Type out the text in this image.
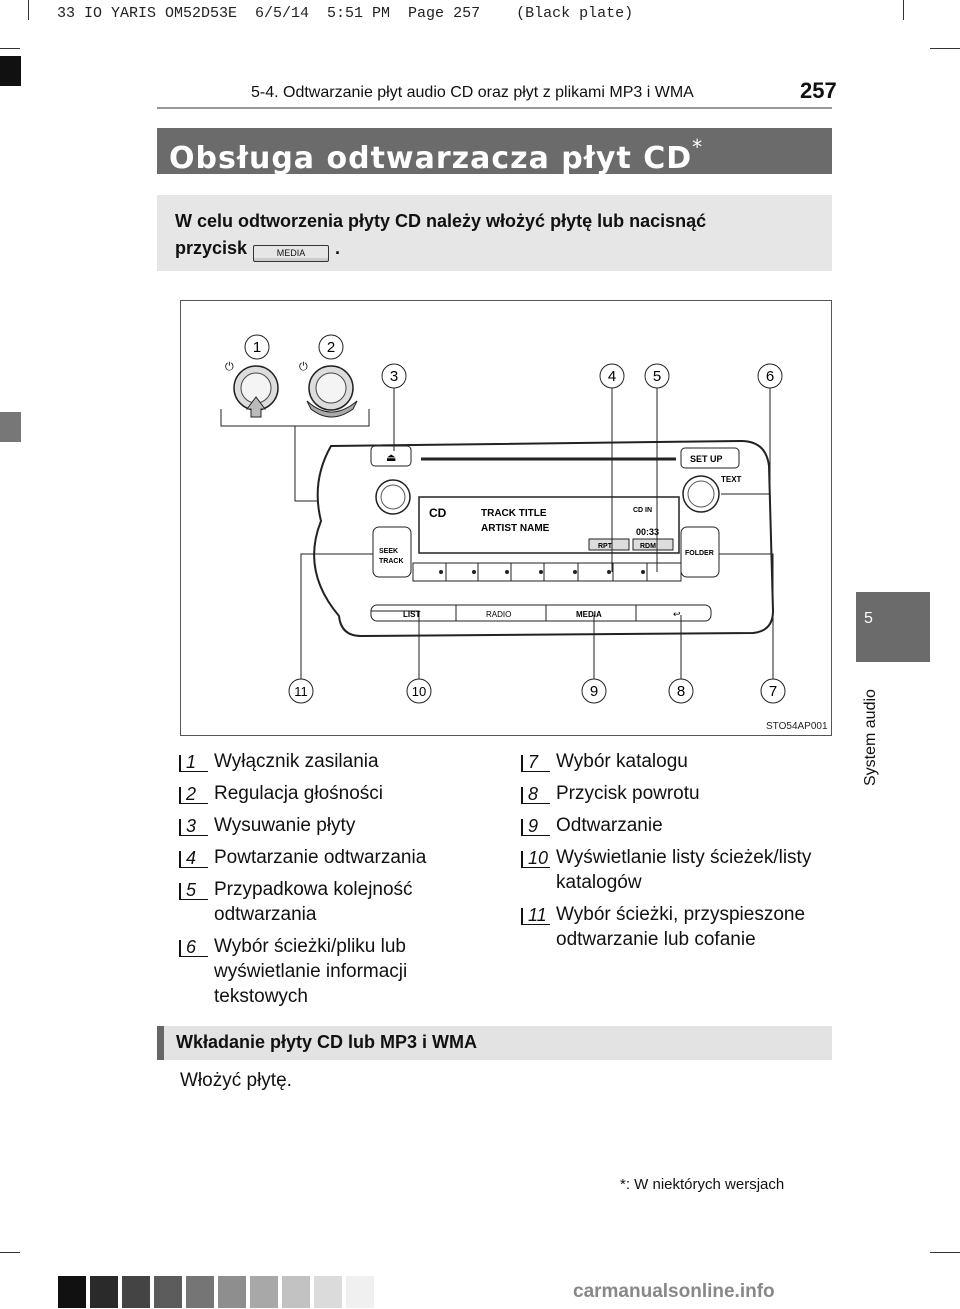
33 IO YARIS OM52D53E  6/5/14  5:51 PM  Page 257    (Black plate)
5-4. Odtwarzanie płyt audio CD oraz płyt z plikami MP3 i WMA	257
Obsługa odtwarzacza płyt CD*
W celu odtworzenia płyty CD należy włożyć płytę lub nacisnąć
przycisk	MEDIA .
⏻	⏻
⏏	SET UP
TEXT
CD	TRACK TITLE
ARTIST NAME
CD IN
00:33
RPT	RDM
SEEK
TRACK
FOLDER
LIST	RADIO	MEDIA	↩
1	2
3	4 5	6
7
8
9
10
11
STO54AP001
1 Wyłącznik zasilania
2 Regulacja głośności
3 Wysuwanie płyty
4 Powtarzanie odtwarzania
5 Przypadkowa kolejność odtwarzania
6 Wybór ścieżki/pliku lub wyświetlanie informacji tekstowych
7 Wybór katalogu
8 Przycisk powrotu
9 Odtwarzanie
10 Wyświetlanie listy ścieżek/listy katalogów
11 Wybór ścieżki, przyspieszone odtwarzanie lub cofanie
Wkładanie płyty CD lub MP3 i WMA
Włożyć płytę.
*: W niektórych wersjach
5
System audio
carmanualsonline.info
